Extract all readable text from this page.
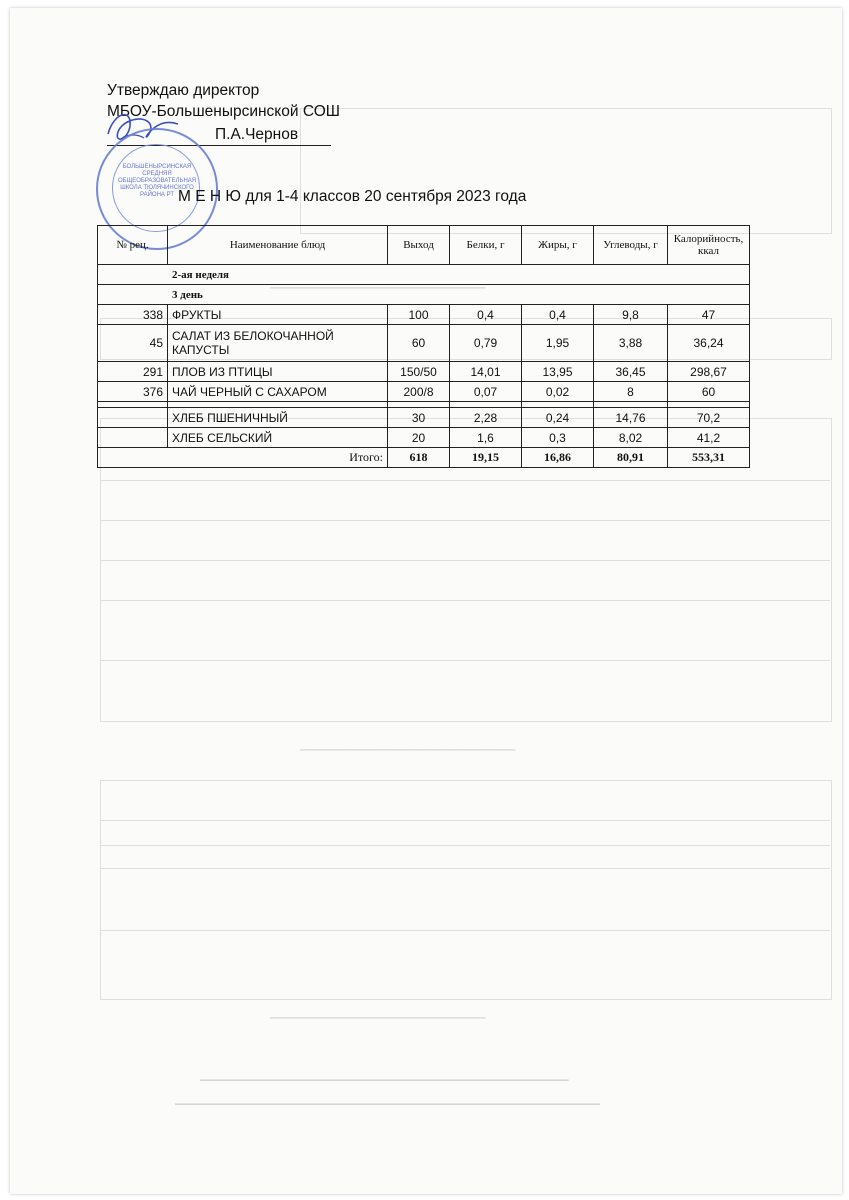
───────────────────
───────────────────
───────────────────
──────────────────────────
──────────────────────────────
Утверждаю директор
МБОУ-Большенырсинской СОШ
П.А.Чернов
БОЛЬШЕНЫРСИНСКАЯ СРЕДНЯЯ ОБЩЕОБРАЗОВАТЕЛЬНАЯ ШКОЛА ТЮЛЯЧИНСКОГО РАЙОНА РТ М Е Н Ю для 1-4 классов 20 сентября 2023 года
№ рец.	Наименование блюд	Выход	Белки, г	Жиры, г	Углеводы, г	Калорийность, ккал
2-ая неделя						
3 день						
338	ФРУКТЫ	100	0,4	0,4	9,8	47
45	САЛАТ ИЗ БЕЛОКОЧАННОЙ КАПУСТЫ	60	0,79	1,95	3,88	36,24
291	ПЛОВ ИЗ ПТИЦЫ	150/50	14,01	13,95	36,45	298,67
376	ЧАЙ ЧЕРНЫЙ С САХАРОМ	200/8	0,07	0,02	8	60

	ХЛЕБ ПШЕНИЧНЫЙ	30	2,28	0,24	14,76	70,2
	ХЛЕБ СЕЛЬСКИЙ	20	1,6	0,3	8,02	41,2
Итого:		618	19,15	16,86	80,91	553,31
